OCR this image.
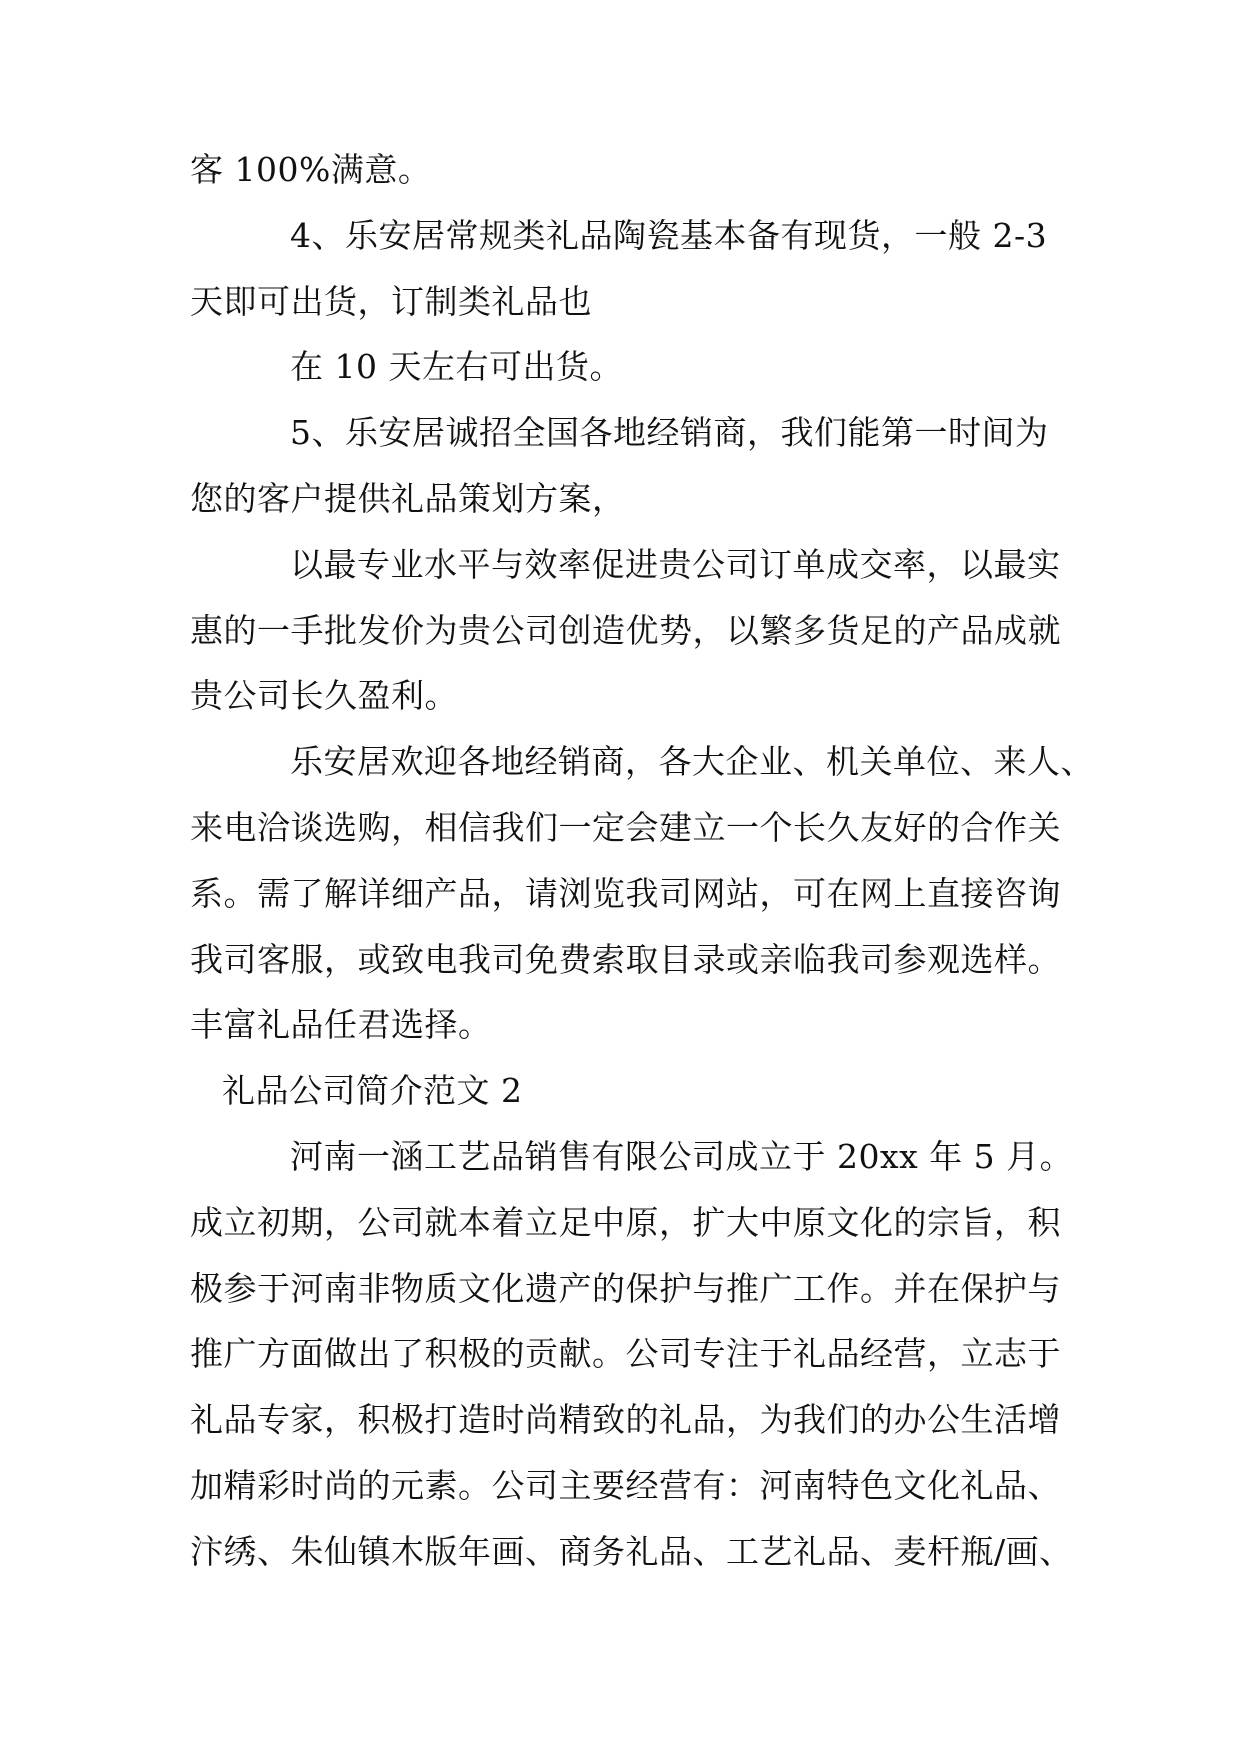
客 100%满意。
4、乐安居常规类礼品陶瓷基本备有现货，一般 2-3
天即可出货，订制类礼品也
在 10 天左右可出货。
5、乐安居诚招全国各地经销商，我们能第一时间为
您的客户提供礼品策划方案，
以最专业水平与效率促进贵公司订单成交率，以最实
惠的一手批发价为贵公司创造优势，以繁多货足的产品成就
贵公司长久盈利。
乐安居欢迎各地经销商，各大企业、机关单位、来人、
来电洽谈选购，相信我们一定会建立一个长久友好的合作关
系。需了解详细产品，请浏览我司网站，可在网上直接咨询
我司客服，或致电我司免费索取目录或亲临我司参观选样。
丰富礼品任君选择。
礼品公司简介范文 2
河南一涵工艺品销售有限公司成立于 20xx 年 5 月。
成立初期，公司就本着立足中原，扩大中原文化的宗旨，积
极参于河南非物质文化遗产的保护与推广工作。并在保护与
推广方面做出了积极的贡献。公司专注于礼品经营，立志于
礼品专家，积极打造时尚精致的礼品，为我们的办公生活增
加精彩时尚的元素。公司主要经营有：河南特色文化礼品、
汴绣、朱仙镇木版年画、商务礼品、工艺礼品、麦杆瓶/画、
